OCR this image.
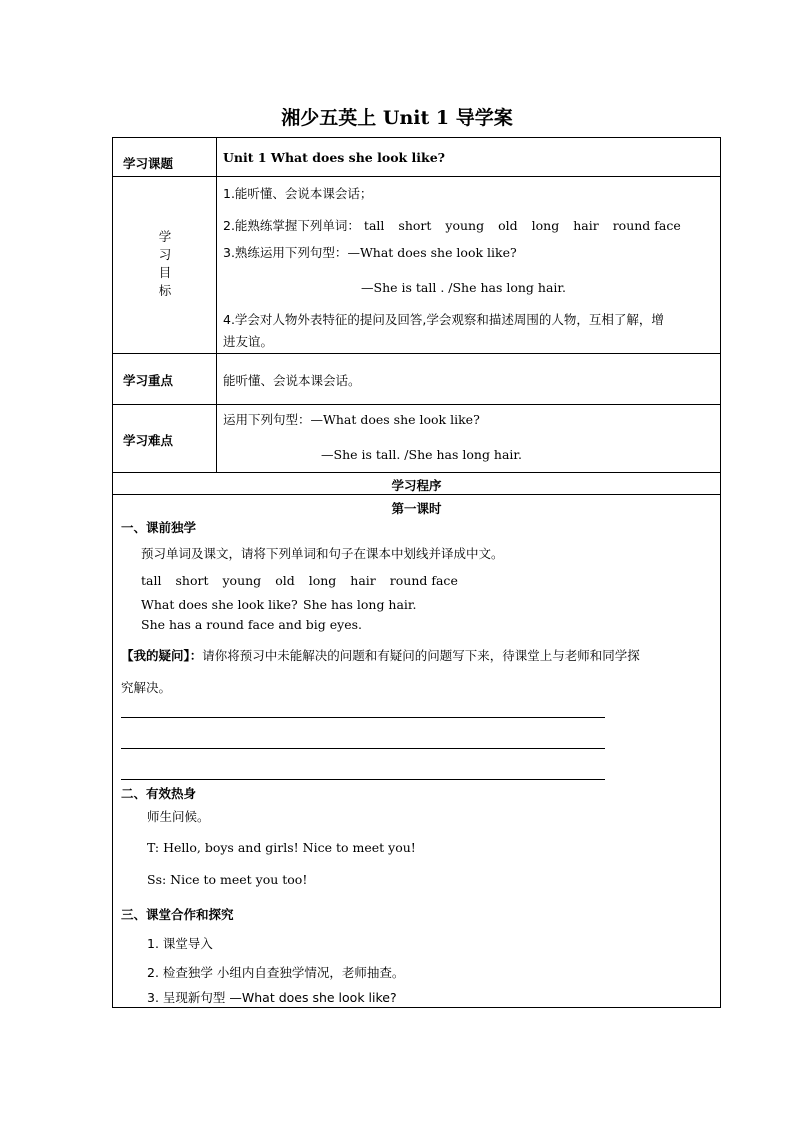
湘少五英上 Unit 1 导学案
学习课题	Unit 1 What does she look like?
学
习
目
标
1.能听懂、会说本课会话；
2.能熟练掌握下列单词： tall short young old long hair round face
3.熟练运用下列句型：—What does she look like?
—She is tall . /She has long hair.
4.学会对人物外表特征的提问及回答,学会观察和描述周围的人物，互相了解，增
进友谊。
学习重点	能听懂、会说本课会话。
学习难点
运用下列句型：—What does she look like?
—She is tall. /She has long hair.
学习程序
第一课时
一、课前独学
预习单词及课文，请将下列单词和句子在课本中划线并译成中文。
tall short young old long hair round face
What does she look like? She has long hair.
She has a round face and big eyes.
【我的疑问】：请你将预习中未能解决的问题和有疑问的问题写下来，待课堂上与老师和同学探
究解决。
二、有效热身
师生问候。
T: Hello, boys and girls! Nice to meet you!
Ss: Nice to meet you too!
三、课堂合作和探究
1. 课堂导入
2. 检查独学 小组内自查独学情况，老师抽查。
3. 呈现新句型 —What does she look like?
